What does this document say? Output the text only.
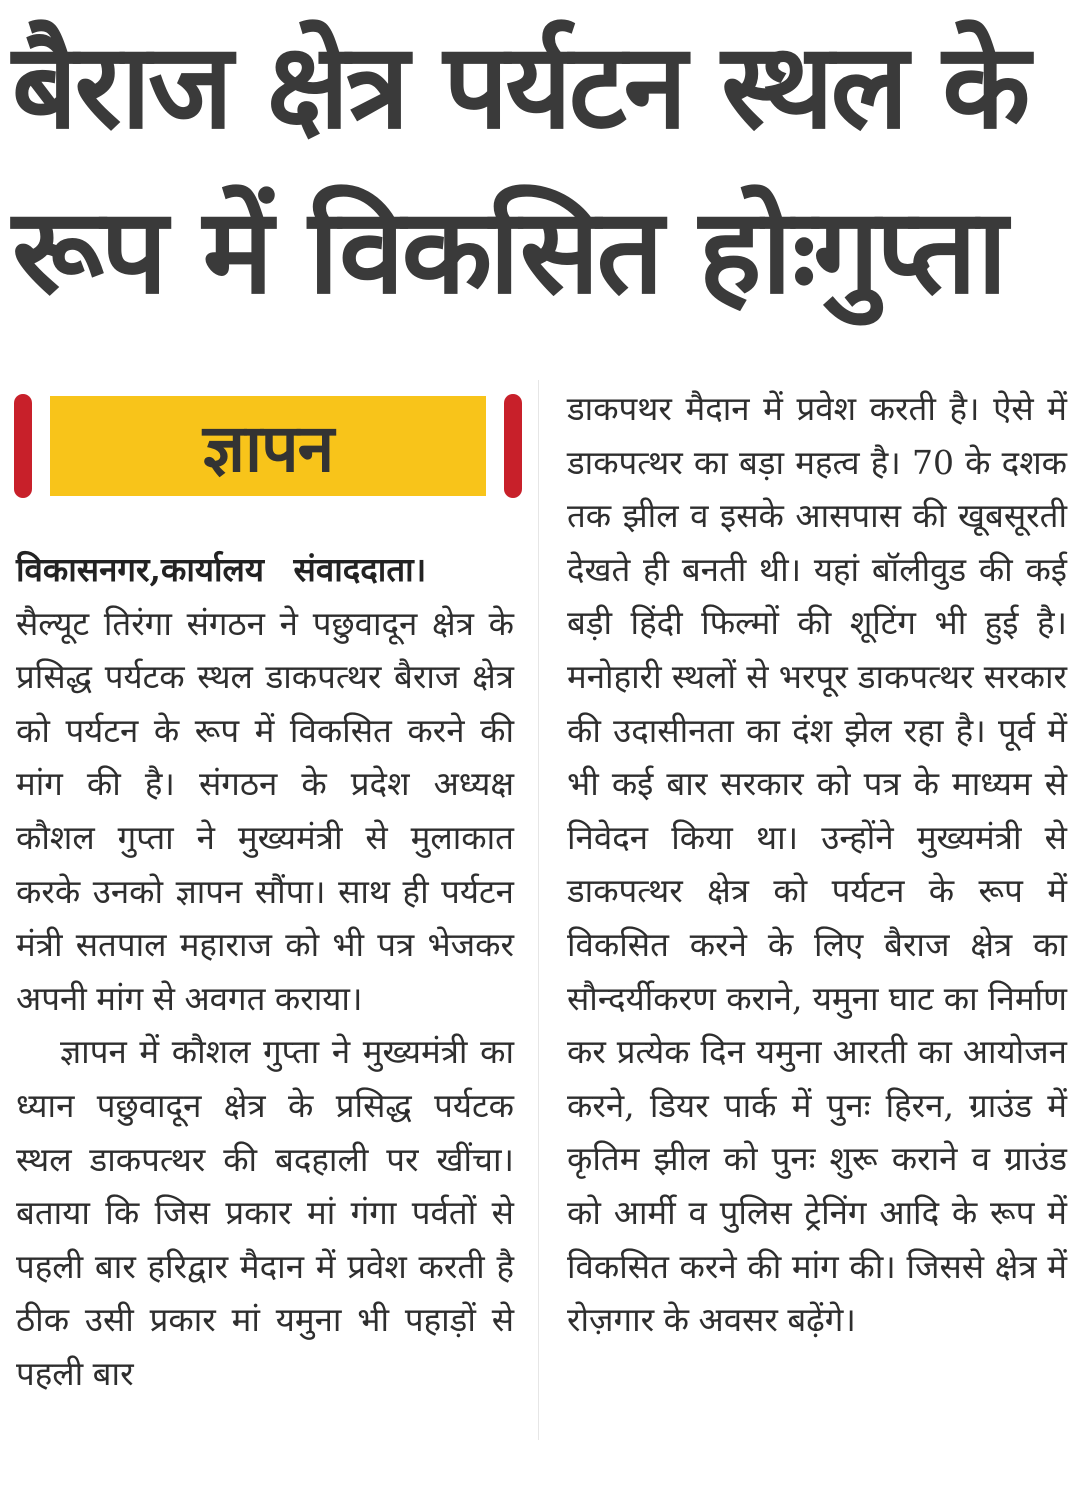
बैराज क्षेत्र पर्यटन स्थल के
रूप में विकसित होःगुप्ता
ज्ञापन

विकासनगर,कार्यालय संवाददाता।
सैल्यूट तिरंगा संगठन ने पछुवादून क्षेत्र के प्रसिद्ध पर्यटक स्थल डाकपत्थर बैराज क्षेत्र को पर्यटन के रूप में विकसित करने की मांग की है। संगठन के प्रदेश अध्यक्ष कौशल गुप्ता ने मुख्यमंत्री से मुलाकात करके उनको ज्ञापन सौंपा। साथ ही पर्यटन मंत्री सतपाल महाराज को भी पत्र भेजकर अपनी मांग से अवगत कराया।

ज्ञापन में कौशल गुप्ता ने मुख्यमंत्री का ध्यान पछुवादून क्षेत्र के प्रसिद्ध पर्यटक स्थल डाकपत्थर की बदहाली पर खींचा। बताया कि जिस प्रकार मां गंगा पर्वतों से पहली बार हरिद्वार मैदान में प्रवेश करती है ठीक उसी प्रकार मां यमुना भी पहाड़ों से पहली बार

डाकपथर मैदान में प्रवेश करती है। ऐसे में डाकपत्थर का बड़ा महत्व है। 70 के दशक तक झील व इसके आसपास की खूबसूरती देखते ही बनती थी। यहां बॉलीवुड की कई बड़ी हिंदी फिल्मों की शूटिंग भी हुई है। मनोहारी स्थलों से भरपूर डाकपत्थर सरकार की उदासीनता का दंश झेल रहा है। पूर्व में भी कई बार सरकार को पत्र के माध्यम से निवेदन किया था। उन्होंने मुख्यमंत्री से डाकपत्थर क्षेत्र को पर्यटन के रूप में विकसित करने के लिए बैराज क्षेत्र का सौन्दर्यीकरण कराने, यमुना घाट का निर्माण कर प्रत्येक दिन यमुना आरती का आयोजन करने, डियर पार्क में पुनः हिरन, ग्राउंड में कृतिम झील को पुनः शुरू कराने व ग्राउंड को आर्मी व पुलिस ट्रेनिंग आदि के रूप में विकसित करने की मांग की। जिससे क्षेत्र में रोज़गार के अवसर बढ़ेंगे।
